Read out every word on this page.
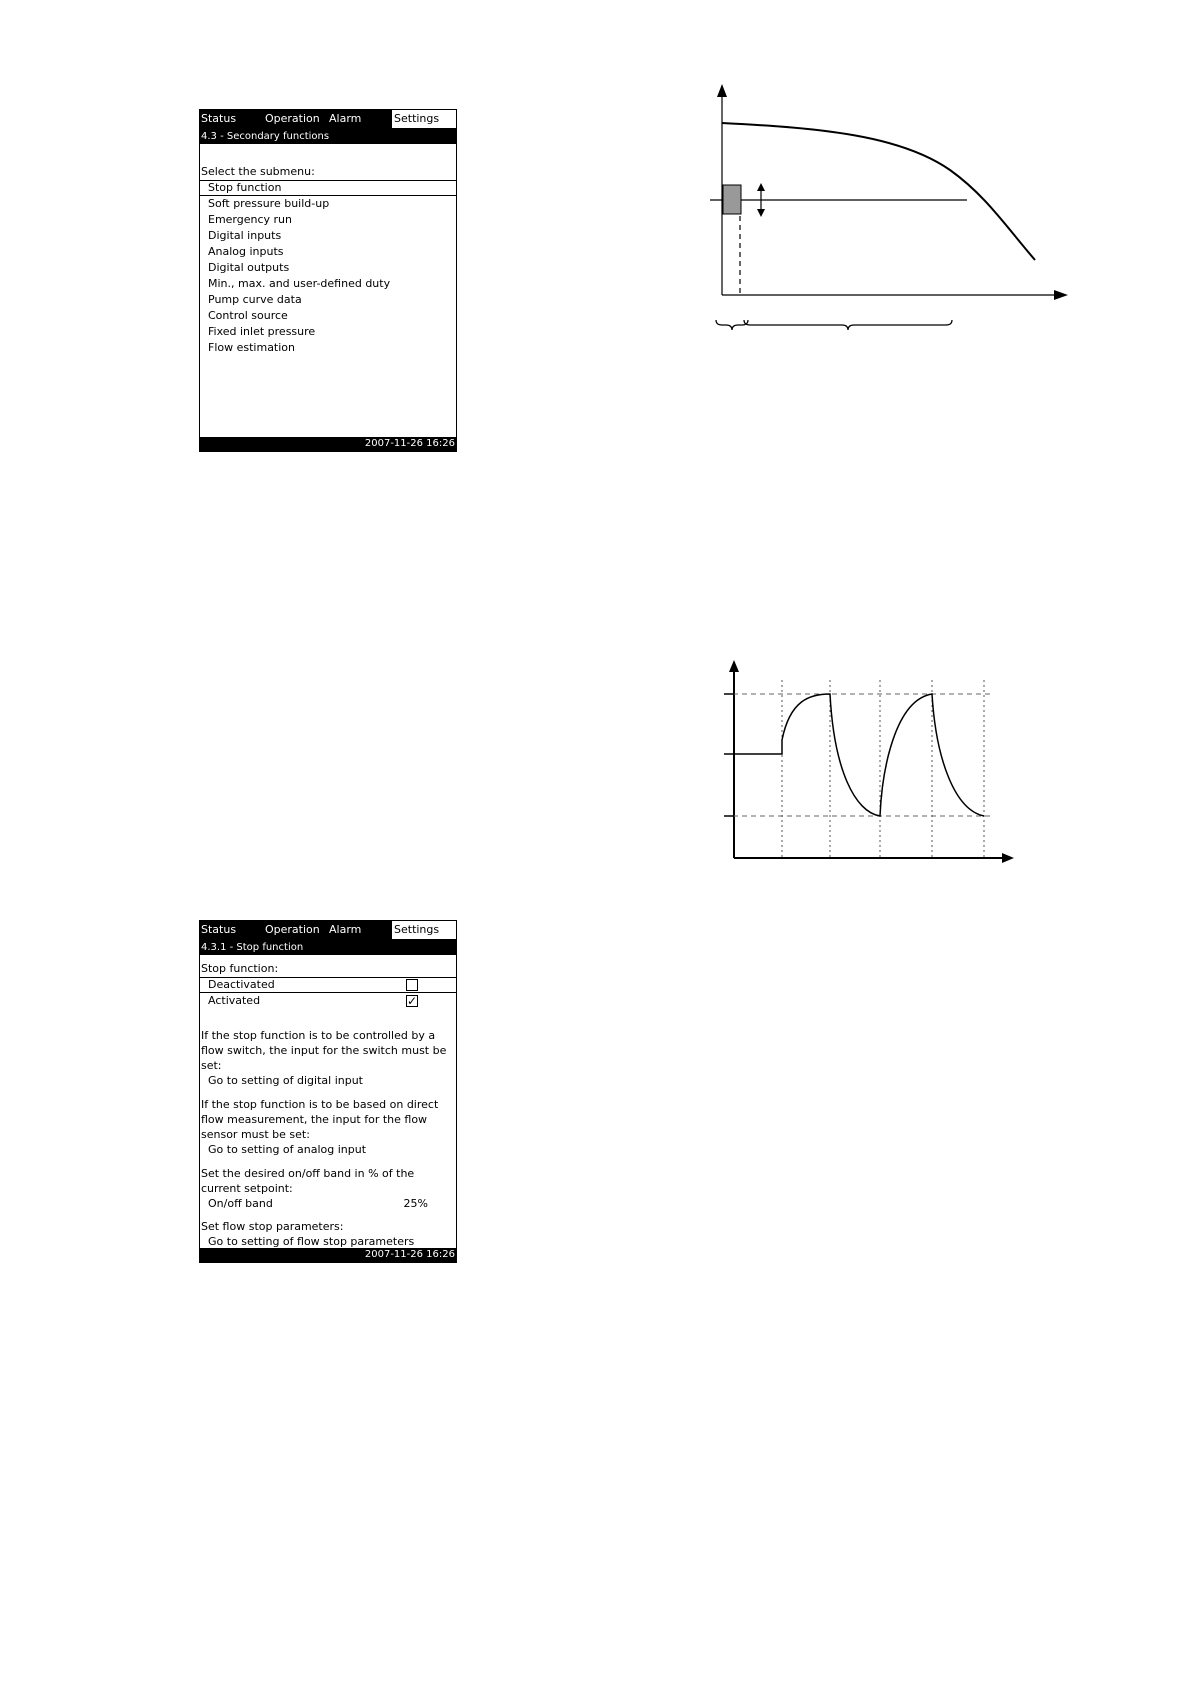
Status	Operation Alarm	Settings
4.3 - Secondary functions
Select the submenu:
Stop function
Soft pressure build-up
Emergency run
Digital inputs
Analog inputs
Digital outputs
Min., max. and user-defined duty
Pump curve data
Control source
Fixed inlet pressure
Flow estimation
2007-11-26 16:26
Status	Operation Alarm	Settings
4.3.1 - Stop function
Stop function:
Deactivated
Activated	✓
If the stop function is to be controlled by a flow switch, the input for the switch must be set:
Go to setting of digital input
If the stop function is to be based on direct flow measurement, the input for the flow sensor must be set:
Go to setting of analog input
Set the desired on/off band in % of the current setpoint:
On/off band	25%
Set flow stop parameters:
Go to setting of flow stop parameters
2007-11-26 16:26
